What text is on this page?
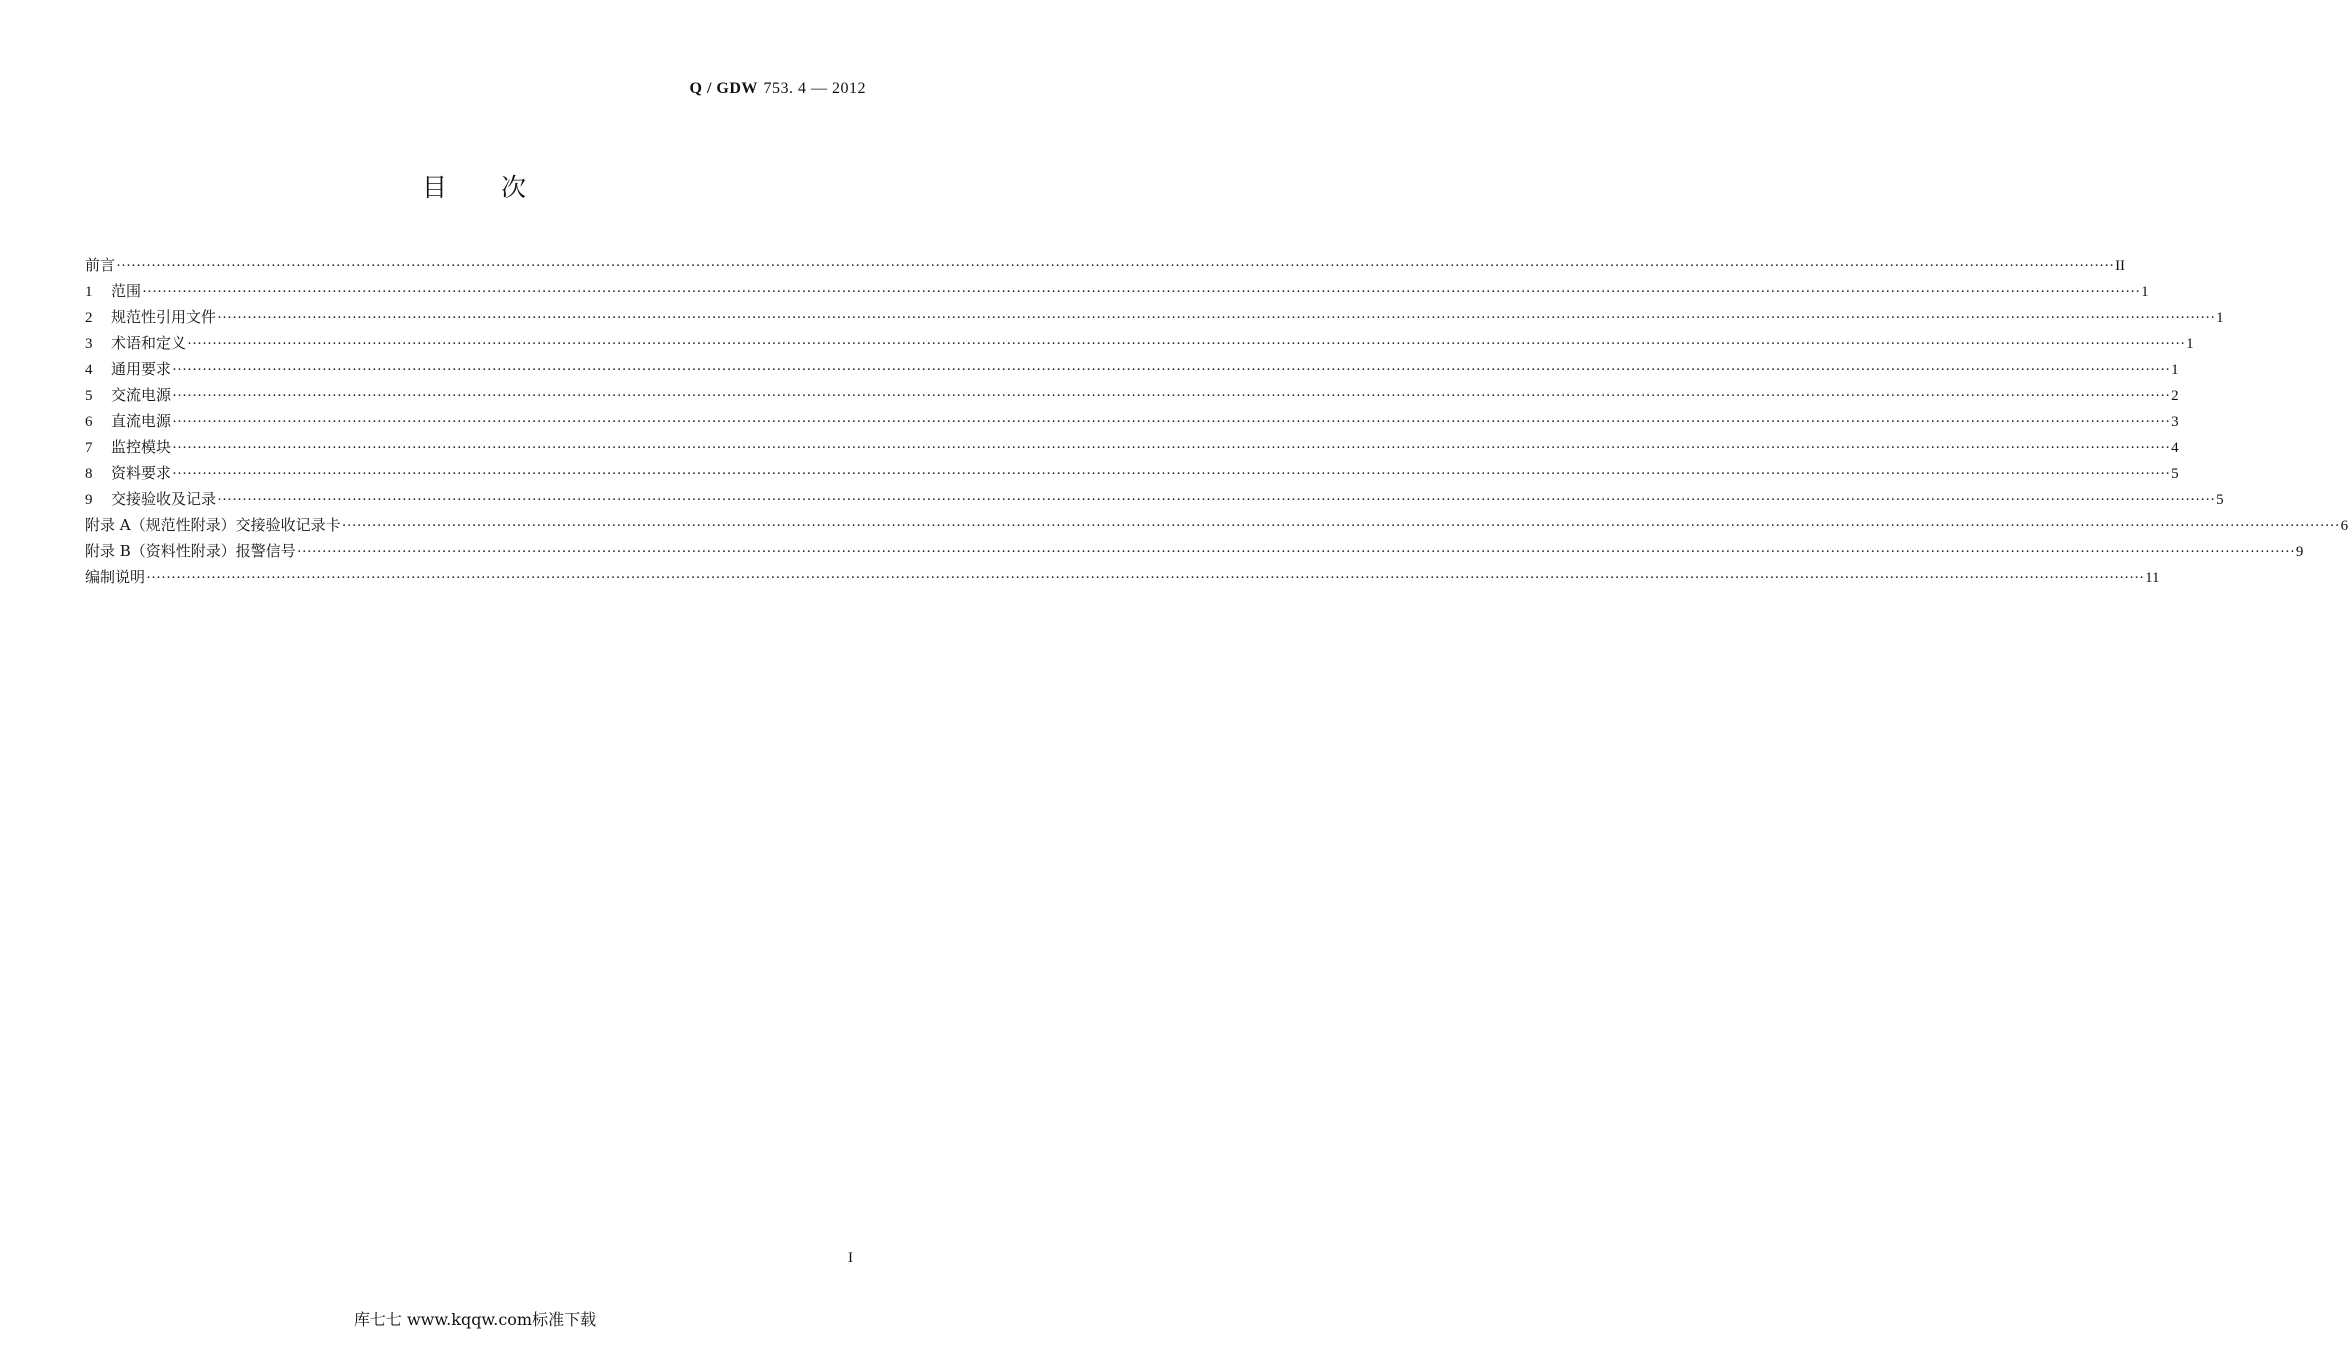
Q / GDW 753. 4 — 2012
目 次
前言 ················································································································································································································································································································································································································ II
1	范围 ················································································································································································································································································································································································································ 1
2	规范性引用文件 ················································································································································································································································································································································································································ 1
3	术语和定义 ················································································································································································································································································································································································································ 1
4	通用要求 ················································································································································································································································································································································································································ 1
5	交流电源 ················································································································································································································································································································································································································ 2
6	直流电源 ················································································································································································································································································································································································································ 3
7	监控模块 ················································································································································································································································································································································································································ 4
8	资料要求 ················································································································································································································································································································································································································ 5
9	交接验收及记录 ················································································································································································································································································································································································································ 5
附录 A（规范性附录）交接验收记录卡 ················································································································································································································································································································································································································ 6
附录 B（资料性附录）报警信号 ················································································································································································································································································································································································································ 9
编制说明 ················································································································································································································································································································································································································ 11
I
库七七 www.kqqw.com标准下载
